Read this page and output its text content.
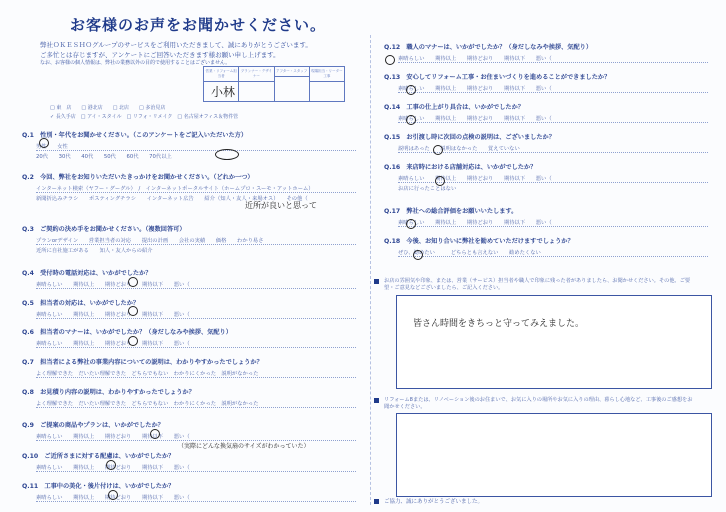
お客様のお声をお聞かせください。
弊社ＯＫＥＳＨＯグループのサービスをご利用いただきまして、誠にありがとうございます。
ご多忙とは存じますが、アンケートにご回答いただきます様お願い申し上げます。
なお、お客様の個人情報は、弊社の業務以外の目的で使用することはございません。
営業・リフォーム担当者
プランナー・デザイナー
アフター・スタッフ	現場担当・リーダー工事
小林
□ 東　店　　□ 港北店　　□ 北店　　□ 多治見店
✓ 長久手店　□ アイ・スタイル　□ リフォ・リメイク　□ 名古屋オフィス＆物件管
Q.1　性別・年代をお聞かせください。（このアンケートをご記入いただいた方）
男性　　女性
20代　　30代　　40代　　50代　　60代　　70代以上
Q.2　今回、弊社をお知りいただいたきっかけをお聞かせください。（どれか一つ）
インターネット検索（ヤフー・グーグル）　/　インターネットポータルサイト（ホームプロ・スーモ・アットホーム）
新聞折込みチラシ　　ポスティングチラシ　　インターネット広告　　紹介（知人・友人・来場オス）　　その他（
Q.3　ご契約の決め手をお聞かせください。（複数回答可）
プランorデザイン　　営業担当者の対応　　提出の計画　　会社の実績　　価格　　わかり易さ
近所に自社施工がある　　知人・友人からの紹介
Q.4　受付時の電話対応は、いかがでしたか？
素晴らしい　　期待以上　　期待どおり　　期待以下　　悪い（
Q.5　担当者の対応は、いかがでしたか？
素晴らしい　　期待以上　　期待どおり　　期待以下　　悪い（
Q.6　担当者のマナーは、いかがでしたか？（身だしなみや挨拶、気配り）
素晴らしい　　期待以上　　期待どおり　　期待以下　　悪い（
Q.7　担当者による弊社の事業内容についての説明は、わかりやすかったでしょうか？
よく理解できた　だいたい理解できた　どちらでもない　わかりにくかった　説明がなかった
Q.8　お見積り内容の説明は、わかりやすかったでしょうか？
よく理解できた　だいたい理解できた　どちらでもない　わかりにくかった　説明がなかった
Q.9　ご提案の商品やプランは、いかがでしたか？
素晴らしい　　期待以上　　期待どおり　　期待以下　　悪い（
Q.10　ご近所さまに対する配慮は、いかがでしたか？
素晴らしい　　期待以上　　期待どおり　　期待以下　　悪い（
Q.11　工事中の美化・後片付けは、いかがでしたか？
素晴らしい　　期待以上　　期待どおり　　期待以下　　悪い（
Q.12　職人のマナーは、いかがでしたか？（身だしなみや挨拶、気配り）
素晴らしい　　期待以上　　期待どおり　　期待以下　　悪い（
Q.13　安心してリフォーム工事・お住まいづくりを進めることができましたか？
素晴らしい　　期待以上　　期待どおり　　期待以下　　悪い（
Q.14　工事の仕上がり具合は、いかがでしたか？
素晴らしい　　期待以上　　期待どおり　　期待以下　　悪い（
Q.15　お引渡し時に次回の点検の説明は、ございましたか？
説明はあった　　説明はなかった　　覚えていない
Q.16　来店時における店舗対応は、いかがでしたか？
素晴らしい　　期待以上　　期待どおり　　期待以下　　悪い（
お店に行ったことはない
Q.17　弊社への総合評価をお願いいたします。
素晴らしい　　期待以上　　期待どおり　　期待以下　　悪い（
Q.18　今後、お知り合いに弊社を勧めていただけますでしょうか？
ぜひ、勧めたい　　　どちらとも言えない　　勧めたくない
近所が良いと思って
（実際にどんな換気扇のサイズがわかっていた）
お店の雰囲気や印象、または、営業（サービス）担当者や職人で印象に残った者がありましたら、お聞かせください。その他、ご要望・ご意見などございましたら、ご記入ください。
皆さん時間をきちっと守ってみえました。
リフォーム8または、リノベーション後のお住まいで、お気に入りの場所やお気に入りの理由、暮らし心地など、工事後のご感想をお聞かせください。
ご協力、誠にありがとうございました。
